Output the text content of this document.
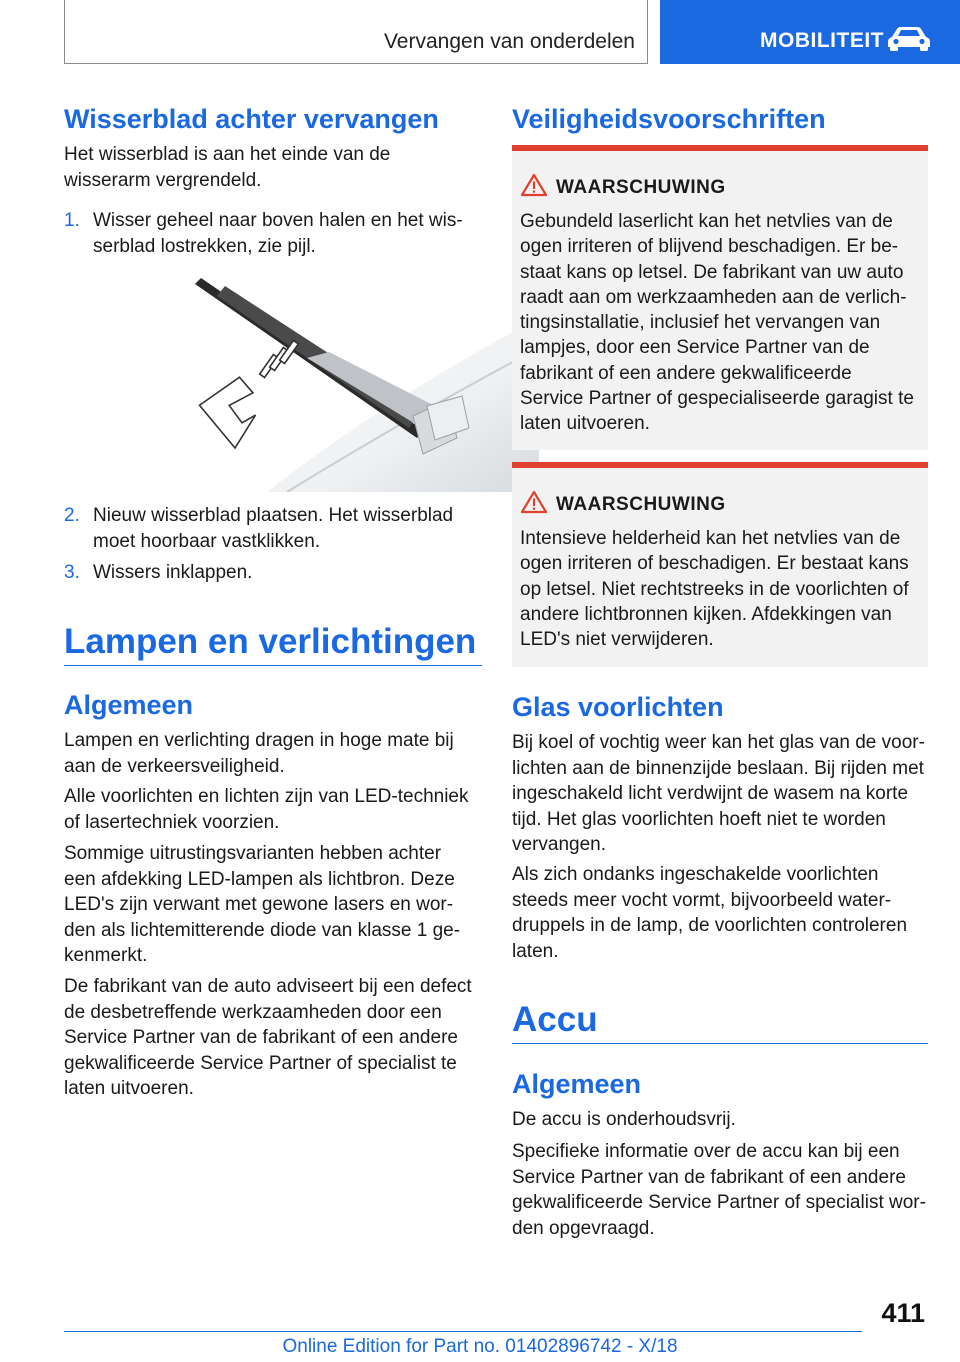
Vervangen van onderdelen	MOBILITEIT
Wisserblad achter vervangen

Het wisserblad is aan het einde van de wisserarm vergrendeld.

1. Wisser geheel naar boven halen en het wisserblad lostrekken, zie pijl.

2. Nieuw wisserblad plaatsen. Het wisserblad moet hoorbaar vastklikken.

3. Wissers inklappen.

Lampen en verlichtingen
Algemeen

Lampen en verlichting dragen in hoge mate bij aan de verkeersveiligheid.

Alle voorlichten en lichten zijn van LED-techniek of lasertechniek voorzien.

Sommige uitrustingsvarianten hebben achter een afdekking LED-lampen als lichtbron. Deze LED's zijn verwant met gewone lasers en worden als lichtemitterende diode van klasse 1 gekenmerkt.

De fabrikant van de auto adviseert bij een defect de desbetreffende werkzaamheden door een Service Partner van de fabrikant of een andere gekwalificeerde Service Partner of specialist te laten uitvoeren.

Veiligheidsvoorschriften
WAARSCHUWING

Gebundeld laserlicht kan het netvlies van de ogen irriteren of blijvend beschadigen. Er bestaat kans op letsel. De fabrikant van uw auto raadt aan om werkzaamheden aan de verlichtingsinstallatie, inclusief het vervangen van lampjes, door een Service Partner van de fabrikant of een andere gekwalificeerde Service Partner of gespecialiseerde garagist te laten uitvoeren.

WAARSCHUWING

Intensieve helderheid kan het netvlies van de ogen irriteren of beschadigen. Er bestaat kans op letsel. Niet rechtstreeks in de voorlichten of andere lichtbronnen kijken. Afdekkingen van LED's niet verwijderen.

Glas voorlichten

Bij koel of vochtig weer kan het glas van de voorlichten aan de binnenzijde beslaan. Bij rijden met ingeschakeld licht verdwijnt de wasem na korte tijd. Het glas voorlichten hoeft niet te worden vervangen.

Als zich ondanks ingeschakelde voorlichten steeds meer vocht vormt, bijvoorbeeld waterdruppels in de lamp, de voorlichten controleren laten.

Accu
Algemeen

De accu is onderhoudsvrij.

Specifieke informatie over de accu kan bij een Service Partner van de fabrikant of een andere gekwalificeerde Service Partner of specialist worden opgevraagd.

411
Online Edition for Part no. 01402896742 - X/18
